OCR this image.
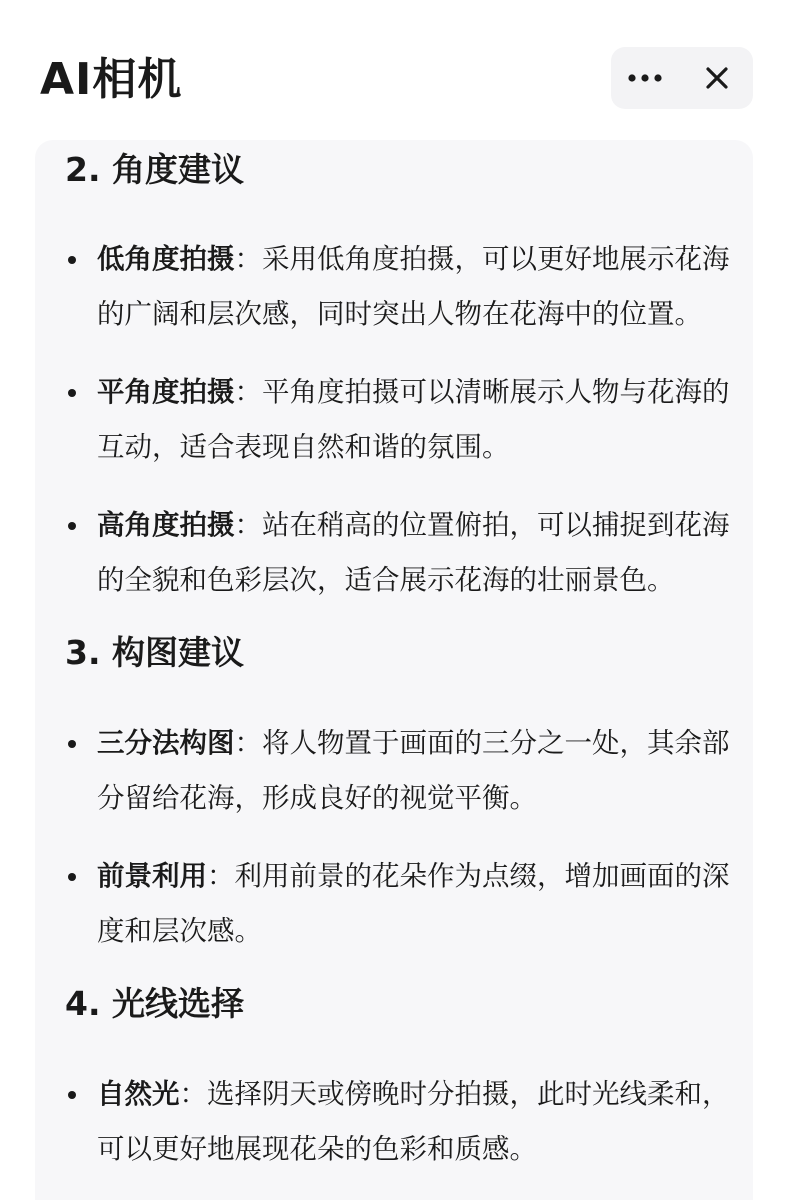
AI相机
2. 角度建议
低角度拍摄：采用低角度拍摄，可以更好地展示花海的广阔和层次感，同时突出人物在花海中的位置。
平角度拍摄：平角度拍摄可以清晰展示人物与花海的互动，适合表现自然和谐的氛围。
高角度拍摄：站在稍高的位置俯拍，可以捕捉到花海的全貌和色彩层次，适合展示花海的壮丽景色。
3. 构图建议
三分法构图：将人物置于画面的三分之一处，其余部分留给花海，形成良好的视觉平衡。
前景利用：利用前景的花朵作为点缀，增加画面的深度和层次感。
4. 光线选择
自然光：选择阴天或傍晚时分拍摄，此时光线柔和，可以更好地展现花朵的色彩和质感。
